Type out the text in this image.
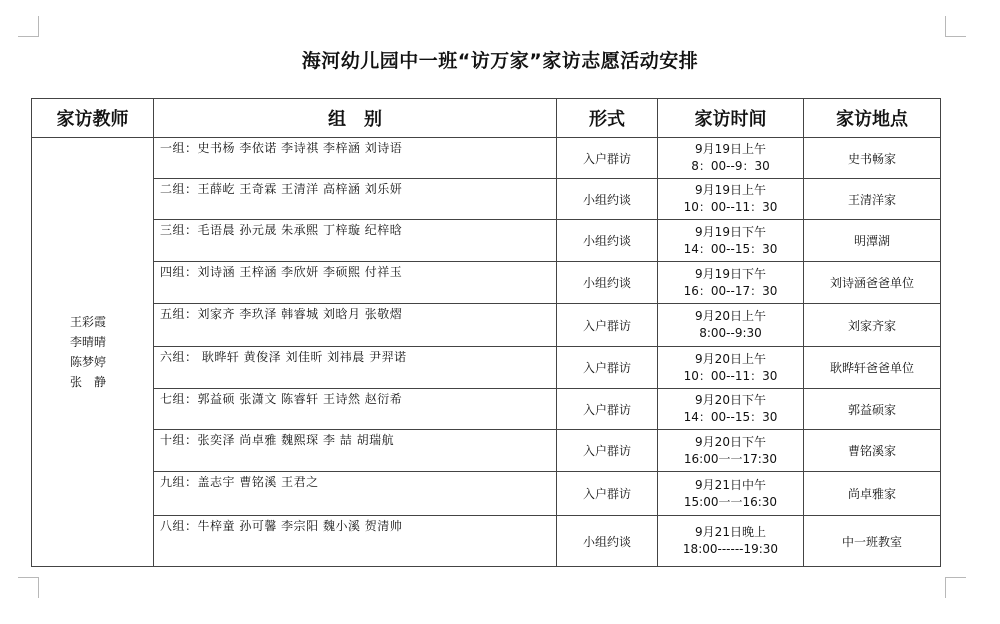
海河幼儿园中一班“访万家”家访志愿活动安排
家访教师	组　别	形式	家访时间	家访地点

王彩霞
李晴晴
陈梦婷
张　静	一组：史书杨 李依诺 李诗祺 李梓涵 刘诗语	入户群访	9月19日上午
8：00--9：30	史书畅家
	二组：王薛屹 王奇霖 王清洋 高梓涵 刘乐妍	小组约谈	9月19日上午
10：00--11：30	王清洋家
	三组：毛语晨 孙元晟 朱承熙 丁梓璇 纪梓晗	小组约谈	9月19日下午
14：00--15：30	明潭湖
	四组：刘诗涵 王梓涵 李欣妍 李硕熙 付祥玉	小组约谈	9月19日下午
16：00--17：30	刘诗涵爸爸单位
	五组：刘家齐 李玖泽 韩睿城 刘晗月 张敬熠	入户群访	9月20日上午
8:00--9:30	刘家齐家
	六组： 耿晔轩 黄俊泽 刘佳昕 刘祎晨 尹羿诺	入户群访	9月20日上午
10：00--11：30	耿晔轩爸爸单位
	七组：郭益硕 张潇文 陈睿轩 王诗然 赵衍希	入户群访	9月20日下午
14：00--15：30	郭益硕家
	十组：张奕泽 尚卓雅 魏熙琛 李 喆 胡瑞航	入户群访	9月20日下午
16:00一一17:30	曹铭溪家
	九组：盖志宇 曹铭溪 王君之	入户群访	9月21日中午
15:00一一16:30	尚卓雅家
	八组：牛梓童 孙可馨 李宗阳 魏小溪 贺清帅	小组约谈	9月21日晚上
18:00------19:30	中一班教室
